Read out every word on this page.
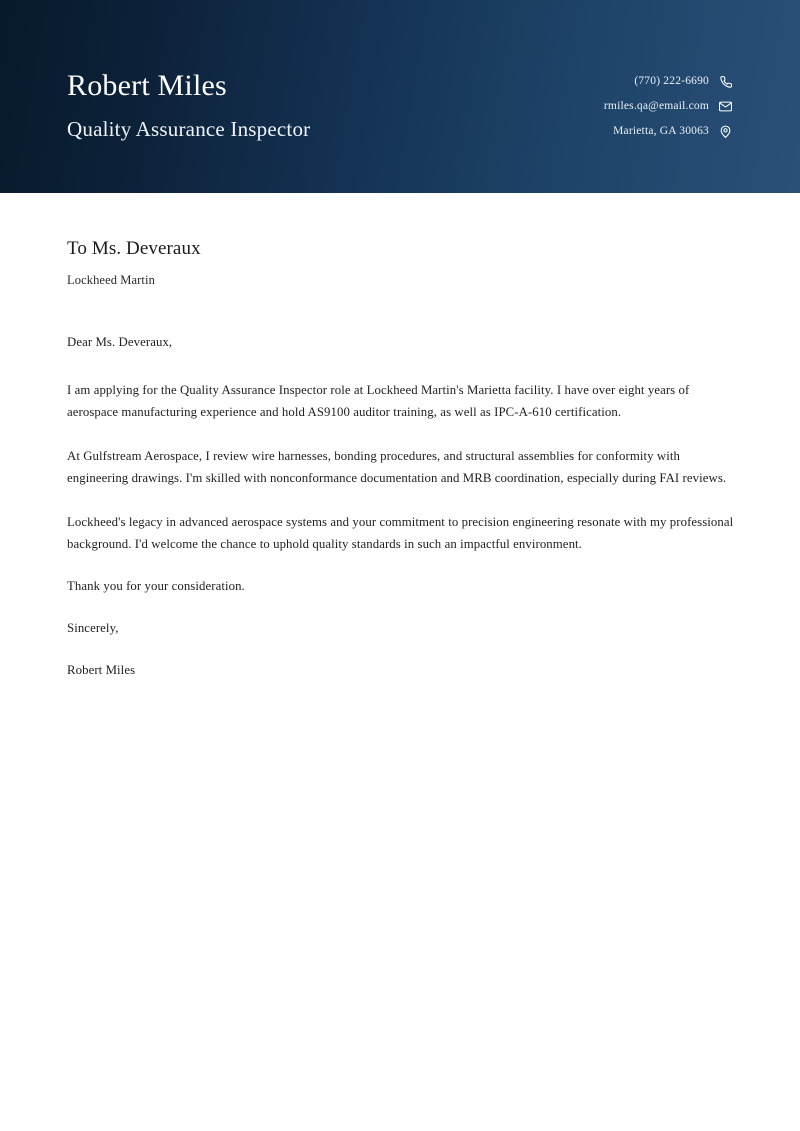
Robert Miles
Quality Assurance Inspector
(770) 222-6690
rmiles.qa@email.com
Marietta, GA 30063
To Ms. Deveraux
Lockheed Martin

Dear Ms. Deveraux,

I am applying for the Quality Assurance Inspector role at Lockheed Martin's Marietta facility. I have over eight years of aerospace manufacturing experience and hold AS9100 auditor training, as well as IPC-A-610 certification.

At Gulfstream Aerospace, I review wire harnesses, bonding procedures, and structural assemblies for conformity with engineering drawings. I'm skilled with nonconformance documentation and MRB coordination, especially during FAI reviews.

Lockheed's legacy in advanced aerospace systems and your commitment to precision engineering resonate with my professional background. I'd welcome the chance to uphold quality standards in such an impactful environment.

Thank you for your consideration.

Sincerely,

Robert Miles
